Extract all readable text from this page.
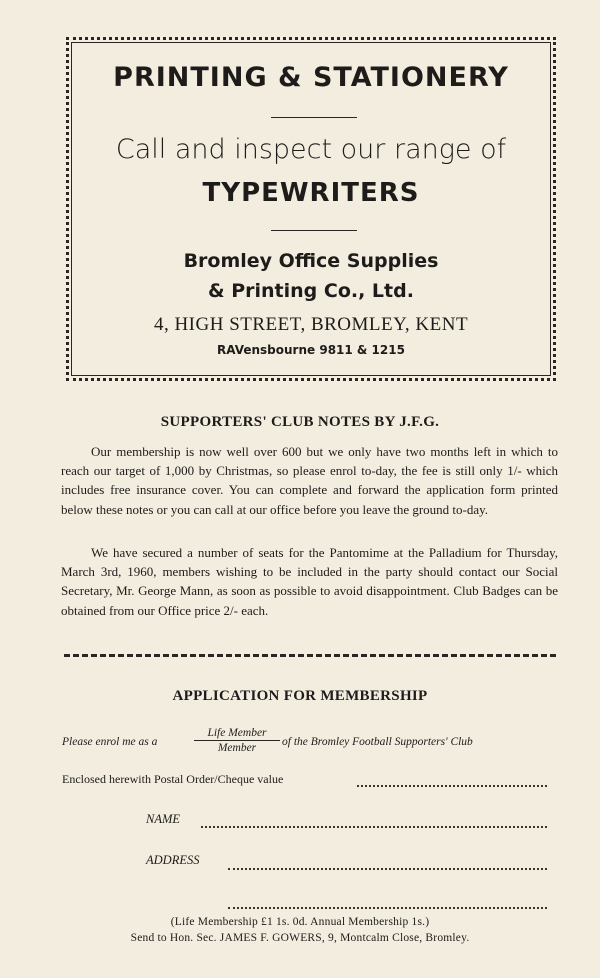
PRINTING & STATIONERY
Call and inspect our range of
TYPEWRITERS
Bromley Office Supplies
& Printing Co., Ltd.
4, HIGH STREET, BROMLEY, KENT
RAVensbourne 9811 & 1215
SUPPORTERS' CLUB NOTES BY J.F.G.

Our membership is now well over 600 but we only have two months left in which to reach our target of 1,000 by Christmas, so please enrol to-day, the fee is still only 1/- which includes free insurance cover. You can complete and forward the application form printed below these notes or you can call at our office before you leave the ground to-day.

We have secured a number of seats for the Pantomime at the Palladium for Thursday, March 3rd, 1960, members wishing to be included in the party should contact our Social Secretary, Mr. George Mann, as soon as possible to avoid disappointment. Club Badges can be obtained from our Office price 2/- each.

APPLICATION FOR MEMBERSHIP
Please enrol me as a
Life Member
Member	of the Bromley Football Supporters' Club
Enclosed herewith Postal Order/Cheque value
NAME
ADDRESS
(Life Membership £1 1s. 0d. Annual Membership 1s.)
Send to Hon. Sec. JAMES F. GOWERS, 9, Montcalm Close, Bromley.
